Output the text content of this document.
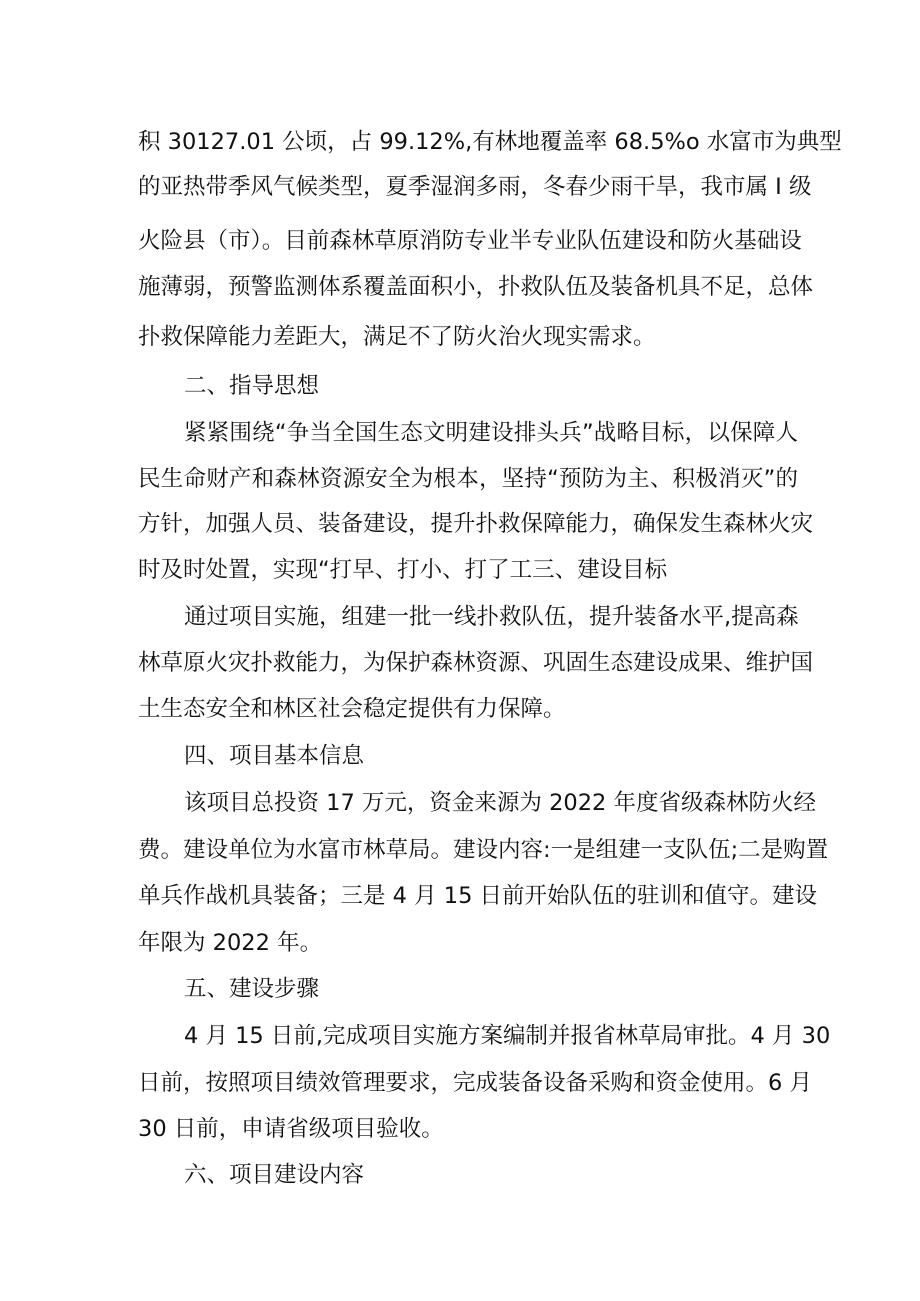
积 30127.01 公顷，占 99.12%,有林地覆盖率 68.5%o 水富市为典型
的亚热带季风气候类型，夏季湿润多雨，冬春少雨干旱，我市属 I 级
火险县（市）。目前森林草原消防专业半专业队伍建设和防火基础设
施薄弱，预警监测体系覆盖面积小，扑救队伍及装备机具不足，总体
扑救保障能力差距大，满足不了防火治火现实需求。
二、指导思想
紧紧围绕“争当全国生态文明建设排头兵”战略目标，以保障人
民生命财产和森林资源安全为根本，坚持“预防为主、积极消灭”的
方针，加强人员、装备建设，提升扑救保障能力，确保发生森林火灾
时及时处置，实现“打早、打小、打了工三、建设目标
通过项目实施，组建一批一线扑救队伍，提升装备水平,提高森
林草原火灾扑救能力，为保护森林资源、巩固生态建设成果、维护国
土生态安全和林区社会稳定提供有力保障。
四、项目基本信息
该项目总投资 17 万元，资金来源为 2022 年度省级森林防火经
费。建设单位为水富市林草局。建设内容:一是组建一支队伍;二是购置
单兵作战机具装备；三是 4 月 15 日前开始队伍的驻训和值守。建设
年限为 2022 年。
五、建设步骤
4 月 15 日前,完成项目实施方案编制并报省林草局审批。4 月 30
日前，按照项目绩效管理要求，完成装备设备采购和资金使用。6 月
30 日前，申请省级项目验收。
六、项目建设内容
